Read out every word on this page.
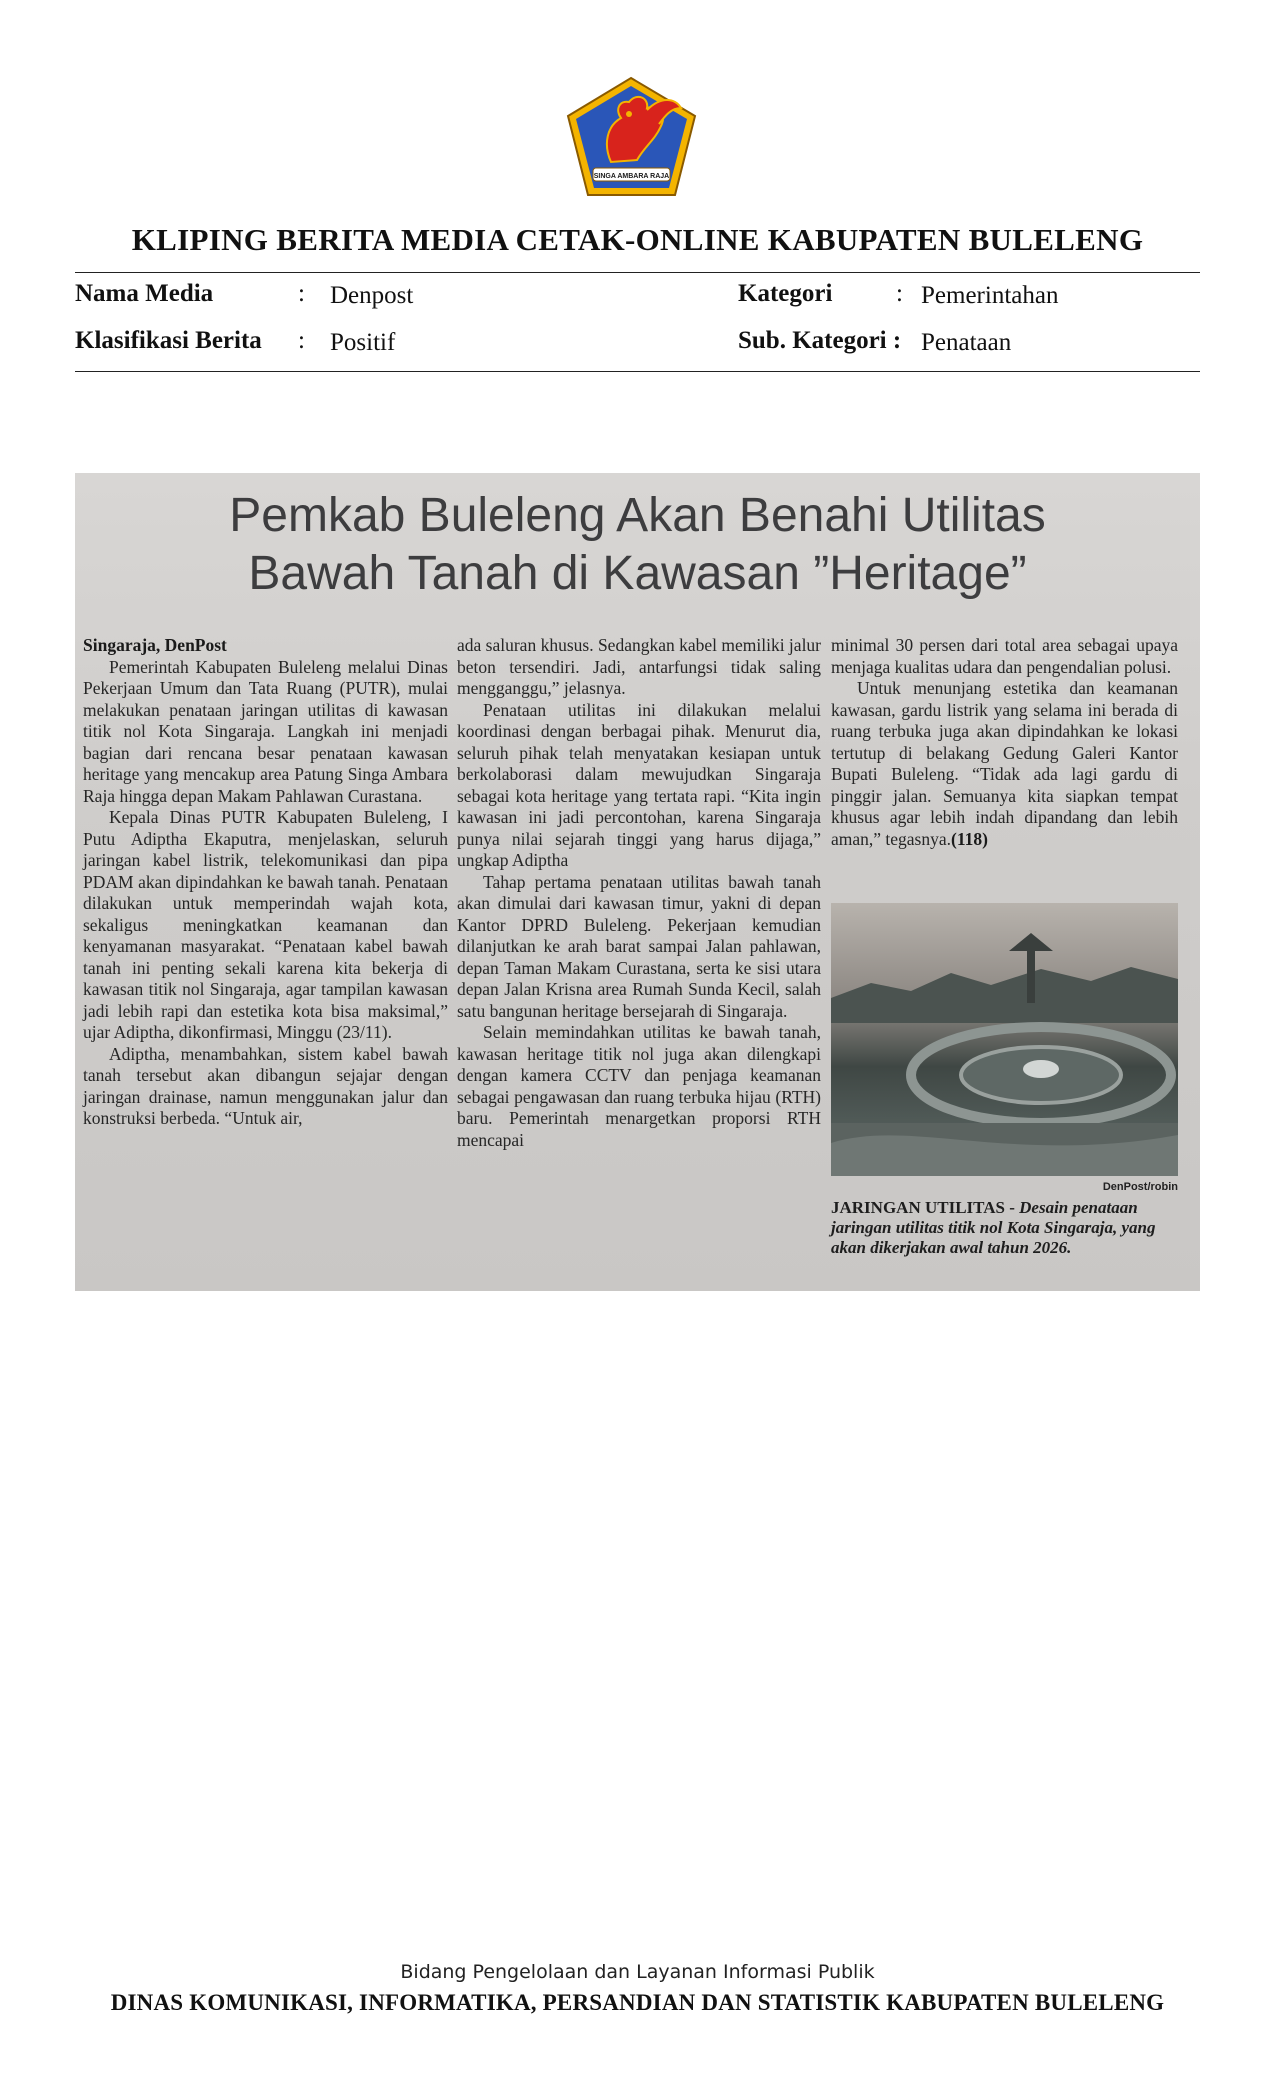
SINGA AMBARA RAJA
KLIPING BERITA MEDIA CETAK-ONLINE KABUPATEN BULELENG
Nama Media	: Denpost	Kategori	: Pemerintahan
Klasifikasi Berita : Positif	Sub. Kategori : Penataan
Pemkab Buleleng Akan Benahi Utilitas
Bawah Tanah di Kawasan ”Heritage”

Singaraja, DenPost

Pemerintah Kabupaten Buleleng melalui Dinas Pekerjaan Umum dan Tata Ruang (PUTR), mulai melakukan penataan jaringan utilitas di kawasan titik nol Kota Singaraja. Langkah ini menjadi bagian dari rencana besar penataan kawasan heritage yang mencakup area Patung Singa Ambara Raja hingga depan Makam Pahlawan Curastana.

Kepala Dinas PUTR Kabupaten Buleleng, I Putu Adiptha Ekaputra, menjelaskan, seluruh jaringan kabel listrik, telekomunikasi dan pipa PDAM akan dipindahkan ke bawah tanah. Penataan dilakukan untuk memperindah wajah kota, sekaligus meningkatkan keamanan dan kenyamanan masyarakat. “Penataan kabel bawah tanah ini penting sekali karena kita bekerja di kawasan titik nol Singaraja, agar tampilan kawasan jadi lebih rapi dan estetika kota bisa maksimal,” ujar Adiptha, dikonfirmasi, Minggu (23/11).

Adiptha, menambahkan, sistem kabel bawah tanah tersebut akan dibangun sejajar dengan jaringan drainase, namun menggunakan jalur dan konstruksi berbeda. “Untuk air,

ada saluran khusus. Sedangkan kabel memiliki jalur beton tersendiri. Jadi, antarfungsi tidak saling mengganggu,” jelasnya.

Penataan utilitas ini dilakukan melalui koordinasi dengan berbagai pihak. Menurut dia, seluruh pihak telah menyatakan kesiapan untuk berkolaborasi dalam mewujudkan Singaraja sebagai kota heritage yang tertata rapi. “Kita ingin kawasan ini jadi percontohan, karena Singaraja punya nilai sejarah tinggi yang harus dijaga,” ungkap Adiptha

Tahap pertama penataan utilitas bawah tanah akan dimulai dari kawasan timur, yakni di depan Kantor DPRD Buleleng. Pekerjaan kemudian dilanjutkan ke arah barat sampai Jalan pahlawan, depan Taman Makam Curastana, serta ke sisi utara depan Jalan Krisna area Rumah Sunda Kecil, salah satu bangunan heritage bersejarah di Singaraja.

Selain memindahkan utilitas ke bawah tanah, kawasan heritage titik nol juga akan dilengkapi dengan kamera CCTV dan penjaga keamanan sebagai pengawasan dan ruang terbuka hijau (RTH) baru. Pemerintah menargetkan proporsi RTH mencapai

minimal 30 persen dari total area sebagai upaya menjaga kualitas udara dan pengendalian polusi.

Untuk menunjang estetika dan keamanan kawasan, gardu listrik yang selama ini berada di ruang terbuka juga akan dipindahkan ke lokasi tertutup di belakang Gedung Galeri Kantor Bupati Buleleng. “Tidak ada lagi gardu di pinggir jalan. Semuanya kita siapkan tempat khusus agar lebih indah dipandang dan lebih aman,” tegasnya.(118)

DenPost/robin
JARINGAN UTILITAS - Desain penataan jaringan utilitas titik nol Kota Singaraja, yang akan dikerjakan awal tahun 2026.
Bidang Pengelolaan dan Layanan Informasi Publik
DINAS KOMUNIKASI, INFORMATIKA, PERSANDIAN DAN STATISTIK KABUPATEN BULELENG
